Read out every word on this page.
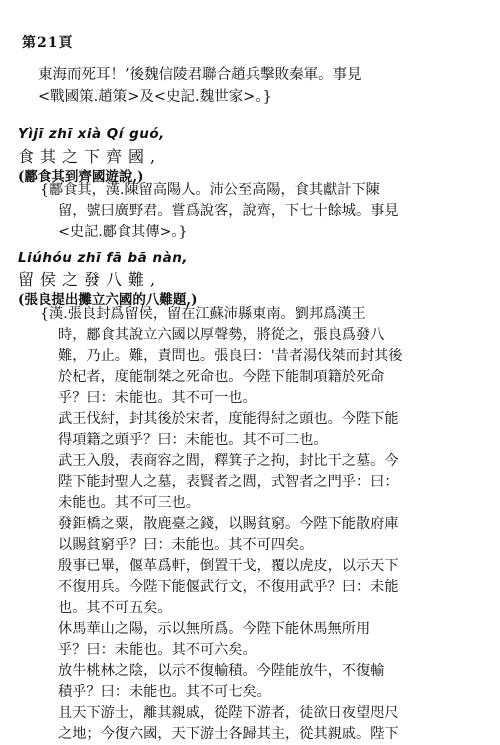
第21頁
東海而死耳！’後魏信陵君聯合趙兵擊敗秦軍。事見
<戰國策.趙策>及<史記.魏世家>。}
Yìjī zhī xià Qí guó,
食其之下齊國,
(酈食其到齊國遊說,)
{酈食其，漢.陳留高陽人。沛公至高陽，食其獻計下陳
留，號曰廣野君。嘗爲說客，說齊，下七十餘城。事見
<史記.酈食其傳>。}
Liúhóu zhī fā bā nàn,
留侯之發八難,
(張良提出攤立六國的八難題,)
{漢.張良封爲留侯，留在江蘇沛縣東南。劉邦爲漢王
時，酈食其說立六國以厚聲勢，將從之，張良爲發八
難，乃止。難，責問也。張良曰：'昔者湯伐桀而封其後
於杞者，度能制桀之死命也。今陛下能制項籍於死命
乎？曰：未能也。其不可一也。
武王伐紂，封其後於宋者，度能得紂之頭也。今陛下能
得項籍之頭乎？曰：未能也。其不可二也。
武王入殷，表商容之閭，釋箕子之拘，封比干之墓。今
陛下能封聖人之墓，表賢者之閭，式智者之門乎：曰：
未能也。其不可三也。
發鉅橋之粟，散鹿臺之錢，以賜貧窮。今陛下能散府庫
以賜貧窮乎？曰：未能也。其不可四矣。
殷事已畢，偃革爲軒，倒置干戈，覆以虎皮，以示天下
不復用兵。今陛下能偃武行文，不復用武乎？曰：未能
也。其不可五矣。
休馬華山之陽，示以無所爲。今陛下能休馬無所用
乎？曰：未能也。其不可六矣。
放牛桃林之陰，以示不復輸積。今陛能放牛，不復輸
積乎？曰：未能也。其不可七矣。
且天下游士，離其親戚，從陛下游者，徒欲日夜望咫尺
之地；今復六國，天下游士各歸其主，從其親戚。陛下
